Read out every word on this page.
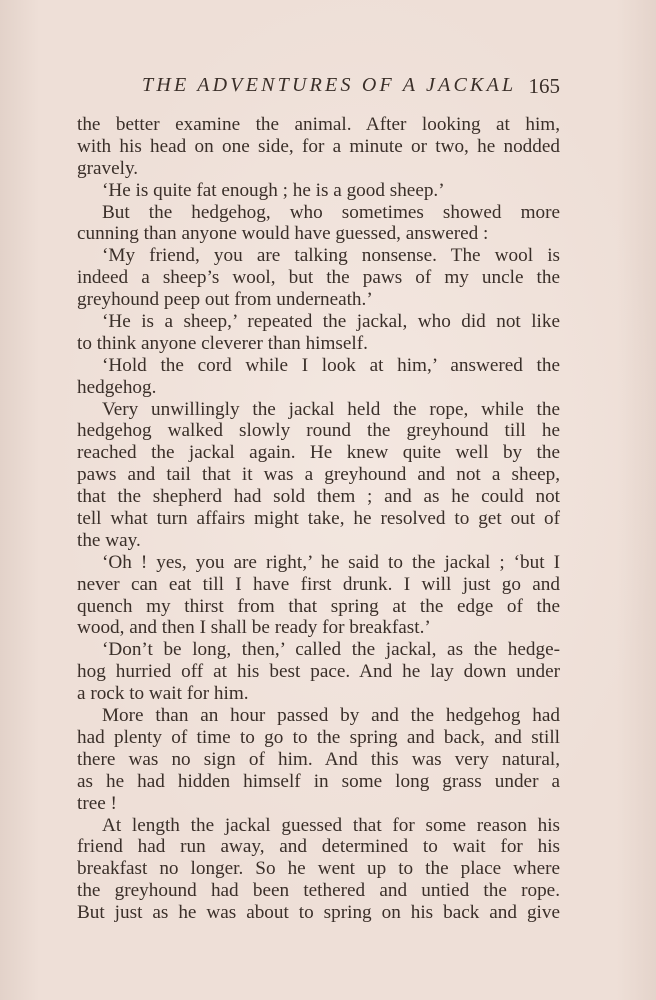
THE ADVENTURES OF A JACKAL 165
the better examine the animal. After looking at him,
with his head on one side, for a minute or two, he nodded
gravely.
‘He is quite fat enough ; he is a good sheep.’
But the hedgehog, who sometimes showed more
cunning than anyone would have guessed, answered :
‘My friend, you are talking nonsense. The wool is
indeed a sheep’s wool, but the paws of my uncle the
greyhound peep out from underneath.’
‘He is a sheep,’ repeated the jackal, who did not like
to think anyone cleverer than himself.
‘Hold the cord while I look at him,’ answered the
hedgehog.
Very unwillingly the jackal held the rope, while the
hedgehog walked slowly round the greyhound till he
reached the jackal again. He knew quite well by the
paws and tail that it was a greyhound and not a sheep,
that the shepherd had sold them ; and as he could not
tell what turn affairs might take, he resolved to get out of
the way.
‘Oh ! yes, you are right,’ he said to the jackal ; ‘but I
never can eat till I have first drunk. I will just go and
quench my thirst from that spring at the edge of the
wood, and then I shall be ready for breakfast.’
‘Don’t be long, then,’ called the jackal, as the hedge-
hog hurried off at his best pace. And he lay down under
a rock to wait for him.
More than an hour passed by and the hedgehog had
had plenty of time to go to the spring and back, and still
there was no sign of him. And this was very natural,
as he had hidden himself in some long grass under a
tree !
At length the jackal guessed that for some reason his
friend had run away, and determined to wait for his
breakfast no longer. So he went up to the place where
the greyhound had been tethered and untied the rope.
But just as he was about to spring on his back and give
